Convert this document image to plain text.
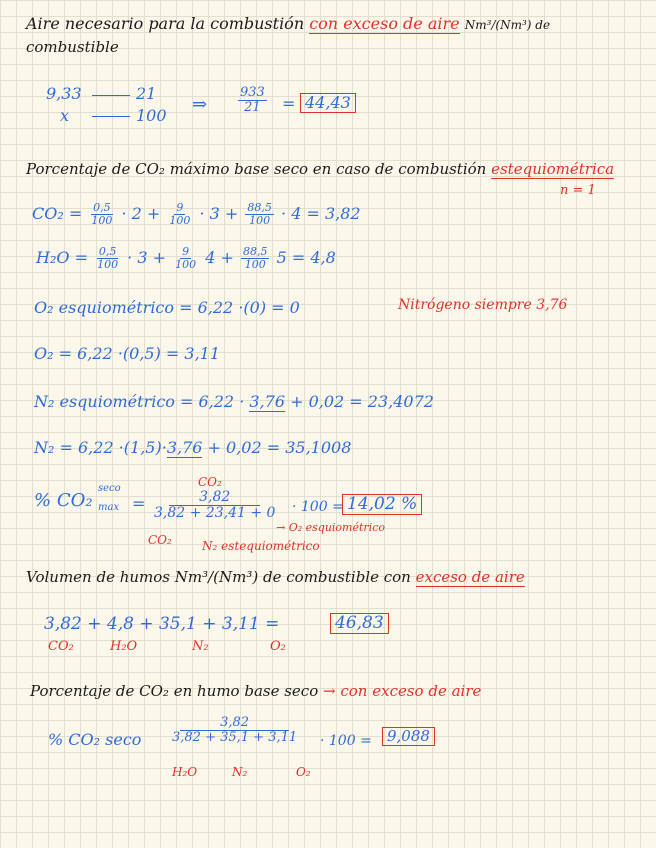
Aire necesario para la combustión con exceso de aire Nm³/(Nm³) de
combustible
9,33	21
x	100
⇒ $\frac{933}{21} = 44,43$
Porcentaje de CO₂ máximo base seco en caso de combustión estequiométrica
n = 1
$CO_2 = \frac{0,5}{100} \cdot 2 + \frac{9}{100} \cdot 3 + \frac{88,5}{100} \cdot 4 = 3,82$
$H_2O = \frac{0,5}{100} \cdot 3 + \frac{9}{100} 4 + \frac{88,5}{100} 5 = 4,8$
O₂ esquiométrico = 6,22 ·(0) = 0	Nitrógeno siempre 3,76
O₂ = 6,22 ·(0,5) = 3,11
N₂ esquiométrico = 6,22 · 3,76 + 0,02 = 23,4072
N₂ = 6,22 ·(1,5)·3,76 + 0,02 = 35,1008
% CO₂
seco
max =
CO₂
$\frac{3,82}{3,82 + 23,41 + 0} \cdot 100 = 14,02$ %
→ O₂ esquiométrico
CO₂	N₂ estequiométrico
Volumen de humos Nm³/(Nm³) de combustible con exceso de aire
3,82 + 4,8 + 35,1 + 3,11 =	46,83
CO₂	H₂O	N₂	O₂
Porcentaje de CO₂ en humo base seco → con exceso de aire
% CO₂ seco $\frac{3,82}{3,82 + 35,1 + 3,11} \cdot 100$ =	9,088
H₂O	N₂	O₂
